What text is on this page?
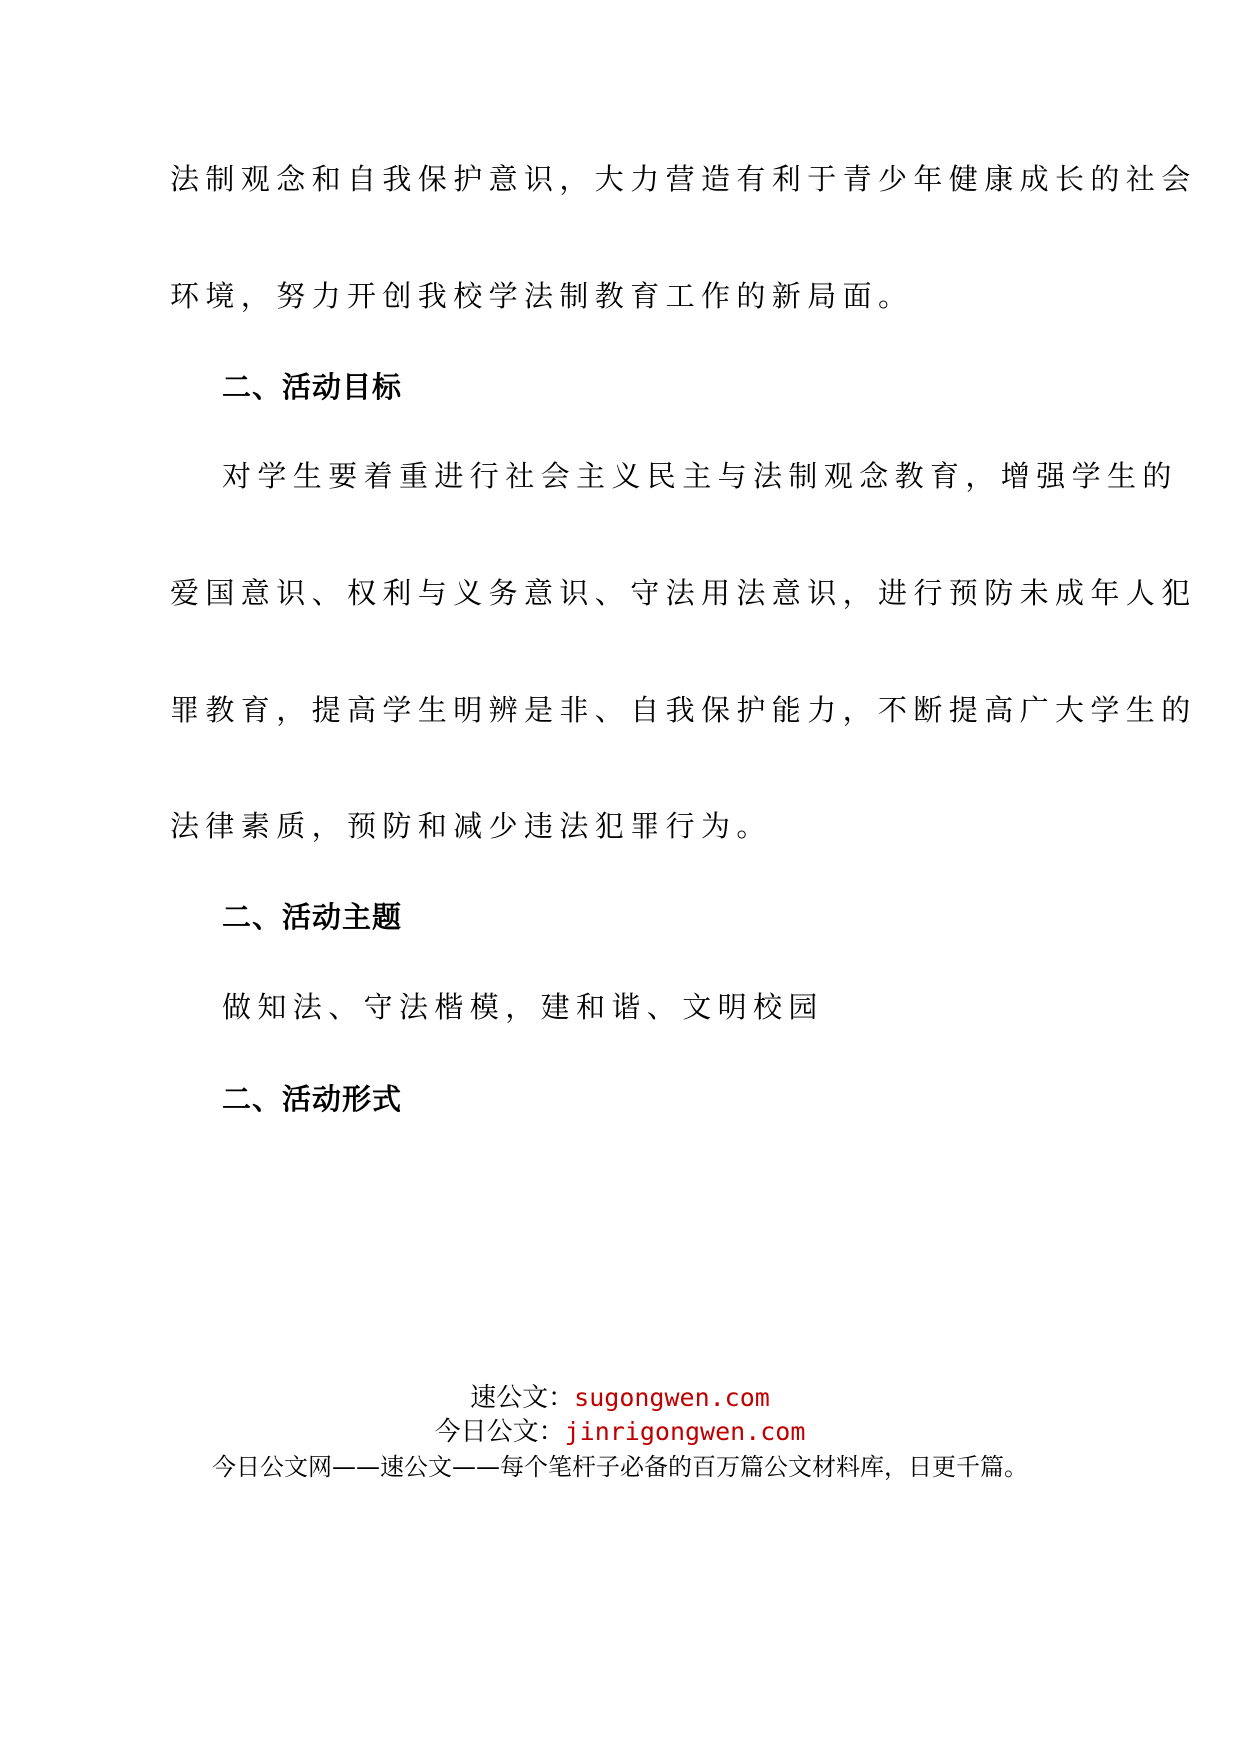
法制观念和自我保护意识，大力营造有利于青少年健康成长的社会
环境，努力开创我校学法制教育工作的新局面。
二、活动目标
对学生要着重进行社会主义民主与法制观念教育，增强学生的
爱国意识、权利与义务意识、守法用法意识，进行预防未成年人犯
罪教育，提高学生明辨是非、自我保护能力，不断提高广大学生的
法律素质，预防和减少违法犯罪行为。
二、活动主题
做知法、守法楷模，建和谐、文明校园
二、活动形式
速公文：sugongwen.com
今日公文：jinrigongwen.com
今日公文网——速公文——每个笔杆子必备的百万篇公文材料库，日更千篇。
